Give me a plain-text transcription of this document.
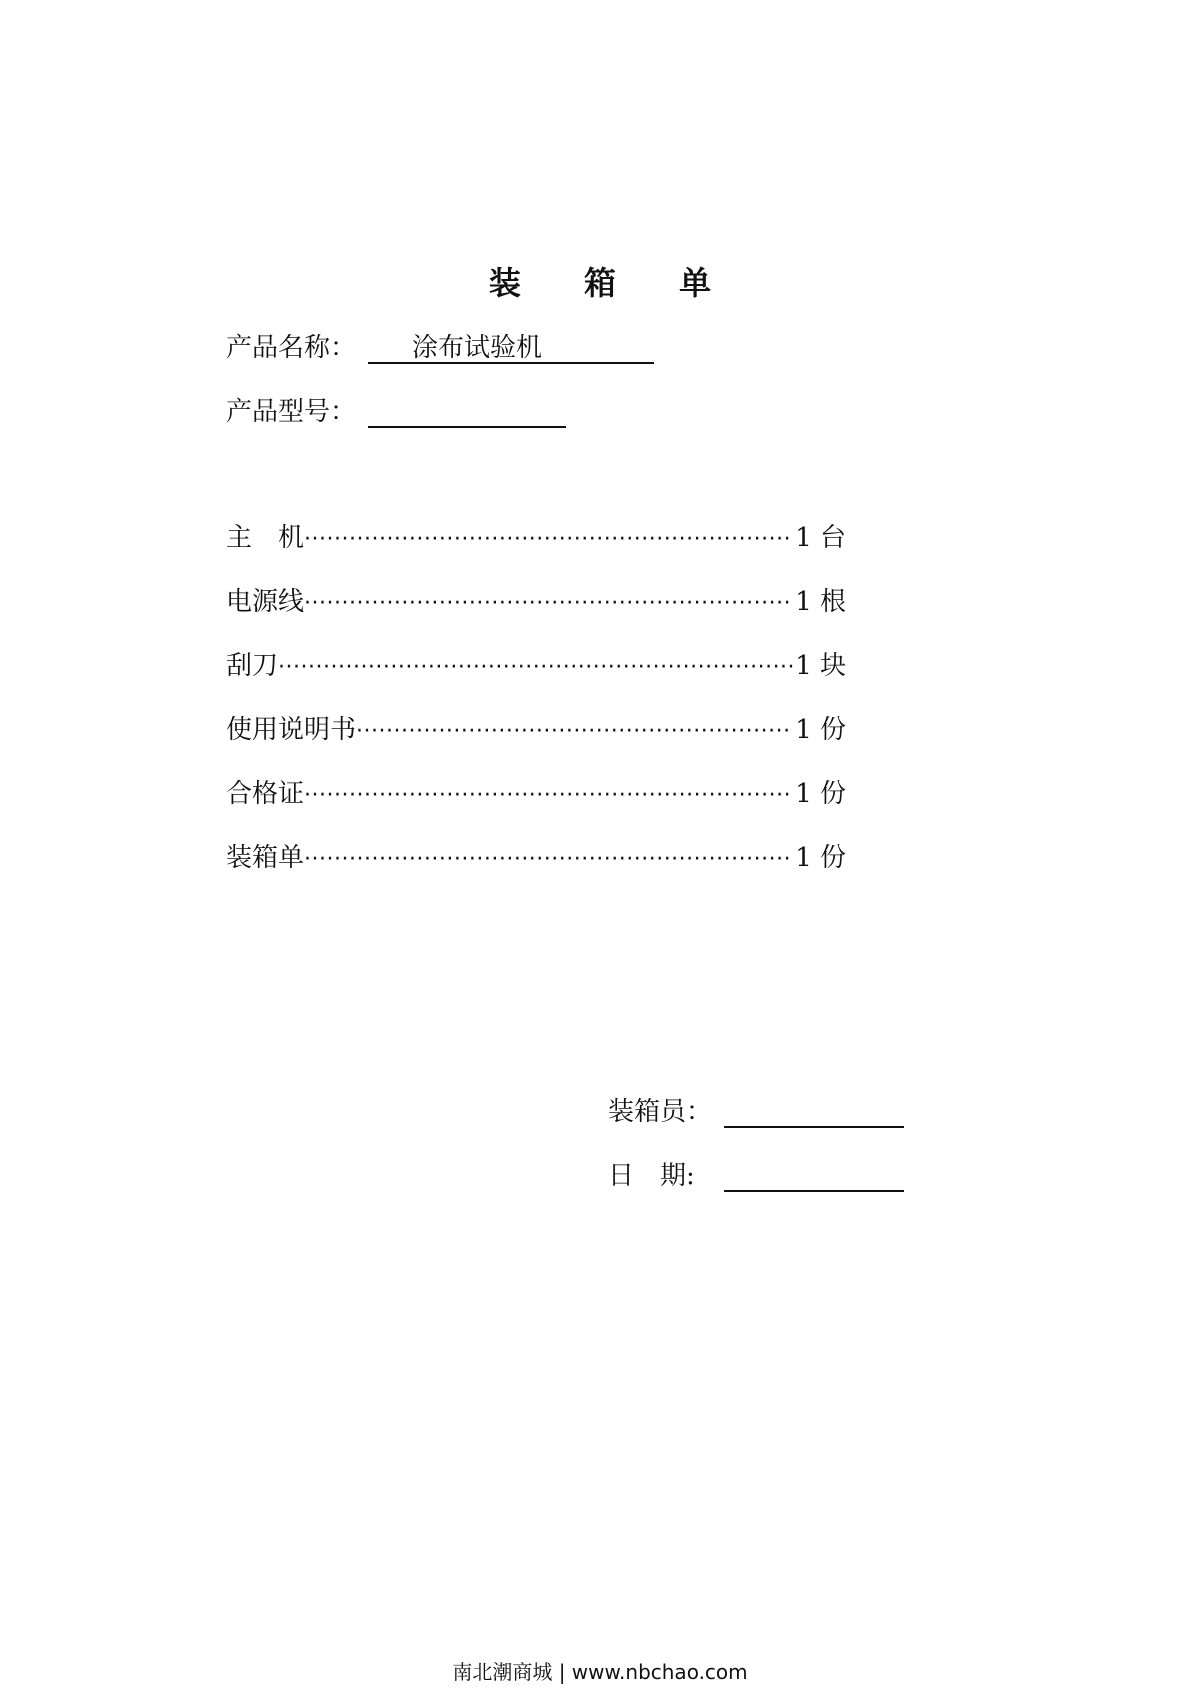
装 箱 单
产品名称： 涂布试验机
产品型号：
主　机 ·····	1 台
电源线 ·····	1 根
刮刀 ·····	1 块
使用说明书 ·····	1 份
合格证 ·····	1 份
装箱单 ·····	1 份
装箱员：
日　期:
南北潮商城 | www.nbchao.com
